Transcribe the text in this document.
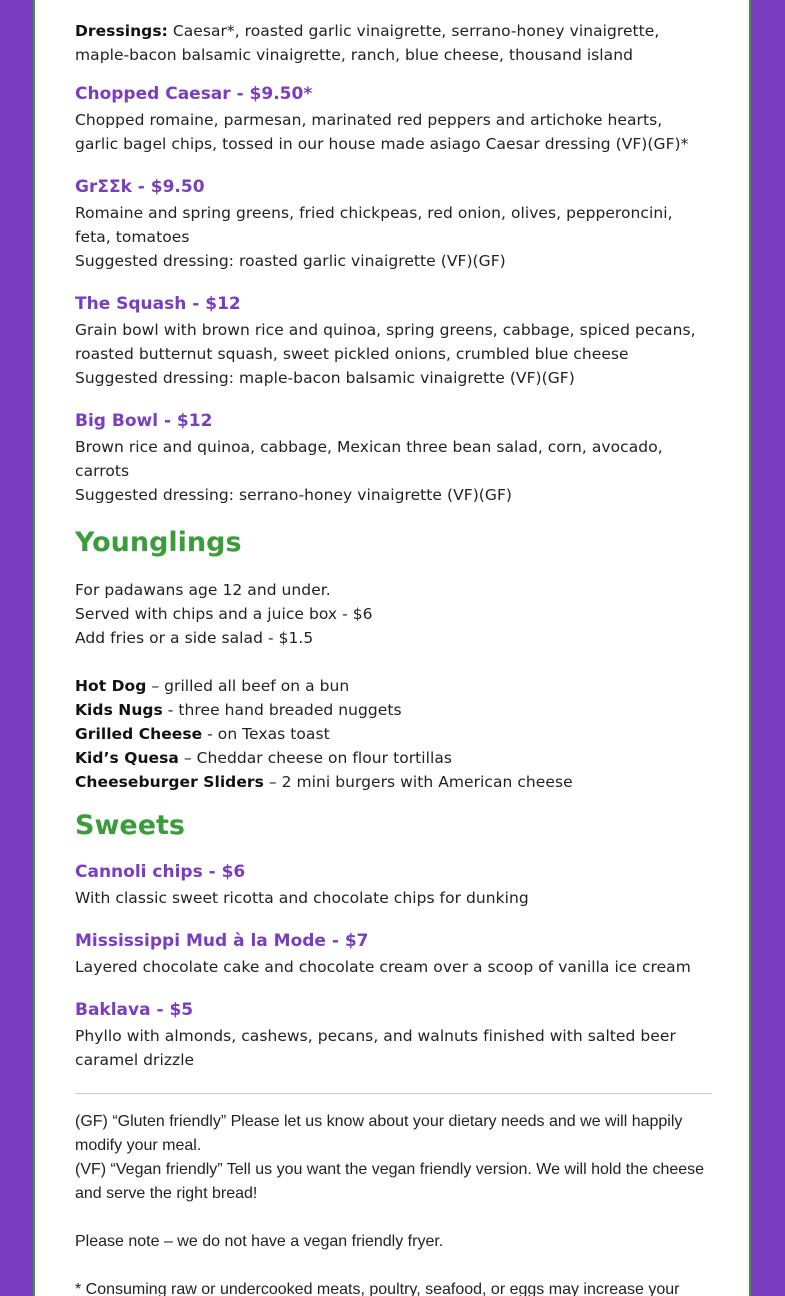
Dressings: Caesar*, roasted garlic vinaigrette, serrano-honey vinaigrette,
maple-bacon balsamic vinaigrette, ranch, blue cheese, thousand island
Chopped Caesar - $9.50*
Chopped romaine, parmesan, marinated red peppers and artichoke hearts,
garlic bagel chips, tossed in our house made asiago Caesar dressing (VF)(GF)*
GrΣΣk - $9.50
Romaine and spring greens, fried chickpeas, red onion, olives, pepperoncini,
feta, tomatoes
Suggested dressing: roasted garlic vinaigrette (VF)(GF)
The Squash - $12
Grain bowl with brown rice and quinoa, spring greens, cabbage, spiced pecans,
roasted butternut squash, sweet pickled onions, crumbled blue cheese
Suggested dressing: maple-bacon balsamic vinaigrette (VF)(GF)
Big Bowl - $12
Brown rice and quinoa, cabbage, Mexican three bean salad, corn, avocado,
carrots
Suggested dressing: serrano-honey vinaigrette (VF)(GF)
Younglings
For padawans age 12 and under.
Served with chips and a juice box - $6
Add fries or a side salad - $1.5
Hot Dog – grilled all beef on a bun
Kids Nugs - three hand breaded nuggets
Grilled Cheese - on Texas toast
Kid’s Quesa – Cheddar cheese on flour tortillas
Cheeseburger Sliders – 2 mini burgers with American cheese
Sweets
Cannoli chips - $6
With classic sweet ricotta and chocolate chips for dunking
Mississippi Mud à la Mode - $7
Layered chocolate cake and chocolate cream over a scoop of vanilla ice cream
Baklava - $5
Phyllo with almonds, cashews, pecans, and walnuts finished with salted beer
caramel drizzle
(GF) “Gluten friendly” Please let us know about your dietary needs and we will happily
modify your meal.
(VF) “Vegan friendly” Tell us you want the vegan friendly version. We will hold the cheese
and serve the right bread!

Please note – we do not have a vegan friendly fryer.

* Consuming raw or undercooked meats, poultry, seafood, or eggs may increase your
